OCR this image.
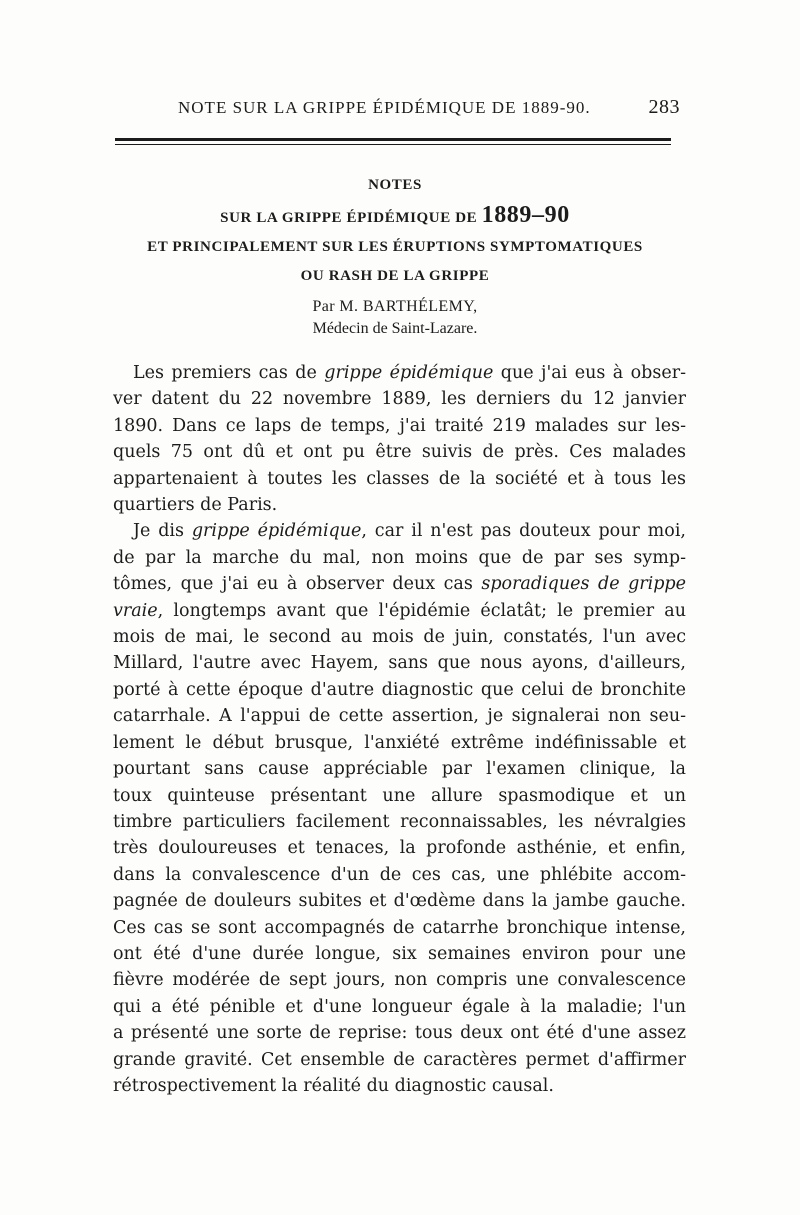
NOTE SUR LA GRIPPE ÉPIDÉMIQUE DE 1889-90.	283
NOTES
SUR LA GRIPPE ÉPIDÉMIQUE DE 1889–90
ET PRINCIPALEMENT SUR LES ÉRUPTIONS SYMPTOMATIQUES
OU RASH DE LA GRIPPE
Par M. BARTHÉLEMY,
Médecin de Saint-Lazare.

Les premiers cas de grippe épidémique que j'ai eus à obser-
ver datent du 22 novembre 1889, les derniers du 12 janvier
1890. Dans ce laps de temps, j'ai traité 219 malades sur les-
quels 75 ont dû et ont pu être suivis de près. Ces malades
appartenaient à toutes les classes de la société et à tous les
quartiers de Paris.

Je dis grippe épidémique, car il n'est pas douteux pour moi,
de par la marche du mal, non moins que de par ses symp-
tômes, que j'ai eu à observer deux cas sporadiques de grippe
vraie, longtemps avant que l'épidémie éclatât; le premier au
mois de mai, le second au mois de juin, constatés, l'un avec
Millard, l'autre avec Hayem, sans que nous ayons, d'ailleurs,
porté à cette époque d'autre diagnostic que celui de bronchite
catarrhale. A l'appui de cette assertion, je signalerai non seu-
lement le début brusque, l'anxiété extrême indéfinissable et
pourtant sans cause appréciable par l'examen clinique, la
toux quinteuse présentant une allure spasmodique et un
timbre particuliers facilement reconnaissables, les névralgies
très douloureuses et tenaces, la profonde asthénie, et enfin,
dans la convalescence d'un de ces cas, une phlébite accom-
pagnée de douleurs subites et d'œdème dans la jambe gauche.
Ces cas se sont accompagnés de catarrhe bronchique intense,
ont été d'une durée longue, six semaines environ pour une
fièvre modérée de sept jours, non compris une convalescence
qui a été pénible et d'une longueur égale à la maladie; l'un
a présenté une sorte de reprise: tous deux ont été d'une assez
grande gravité. Cet ensemble de caractères permet d'affirmer
rétrospectivement la réalité du diagnostic causal.
